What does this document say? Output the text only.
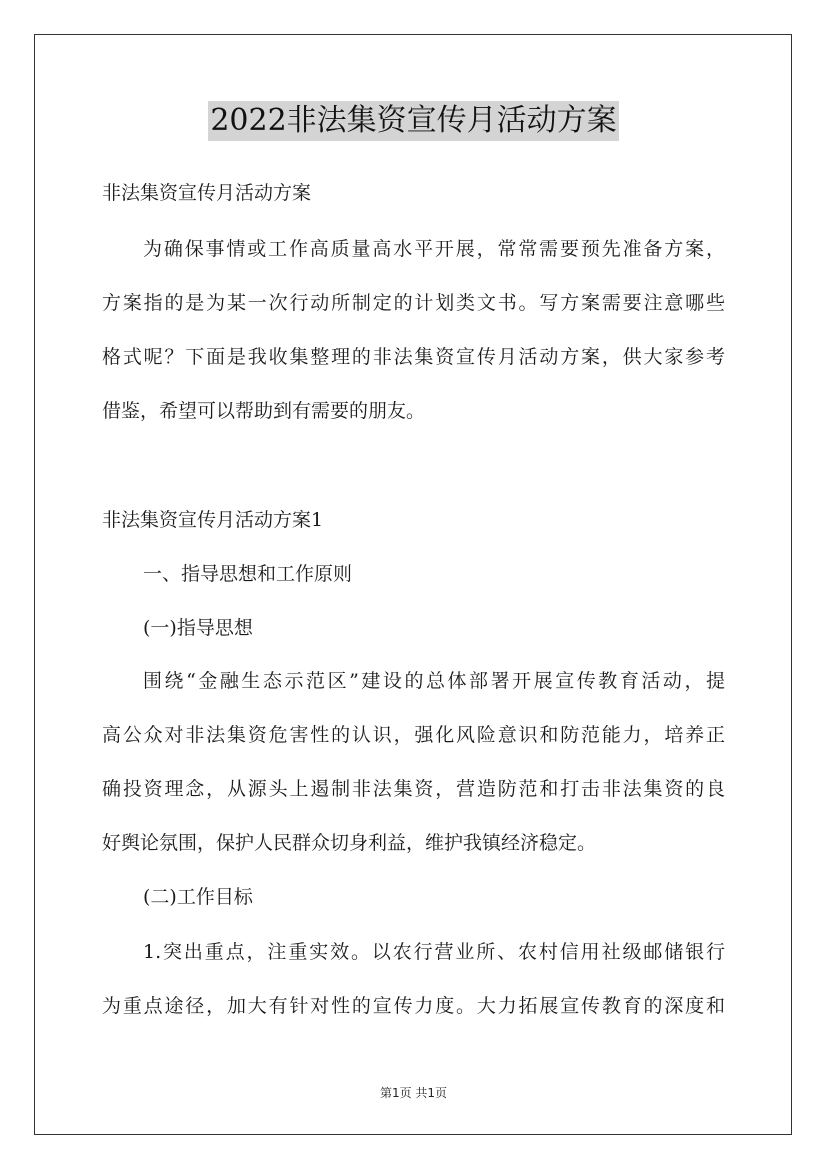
2022非法集资宣传月活动方案
非法集资宣传月活动方案
为确保事情或工作高质量高水平开展，常常需要预先准备方案，
方案指的是为某一次行动所制定的计划类文书。写方案需要注意哪些
格式呢？下面是我收集整理的非法集资宣传月活动方案，供大家参考
借鉴，希望可以帮助到有需要的朋友。
非法集资宣传月活动方案1
一、指导思想和工作原则
(一)指导思想
围绕“金融生态示范区”建设的总体部署开展宣传教育活动，提
高公众对非法集资危害性的认识，强化风险意识和防范能力，培养正
确投资理念，从源头上遏制非法集资，营造防范和打击非法集资的良
好舆论氛围，保护人民群众切身利益，维护我镇经济稳定。
(二)工作目标
1.突出重点，注重实效。以农行营业所、农村信用社级邮储银行
为重点途径，加大有针对性的宣传力度。大力拓展宣传教育的深度和
第1页 共1页
